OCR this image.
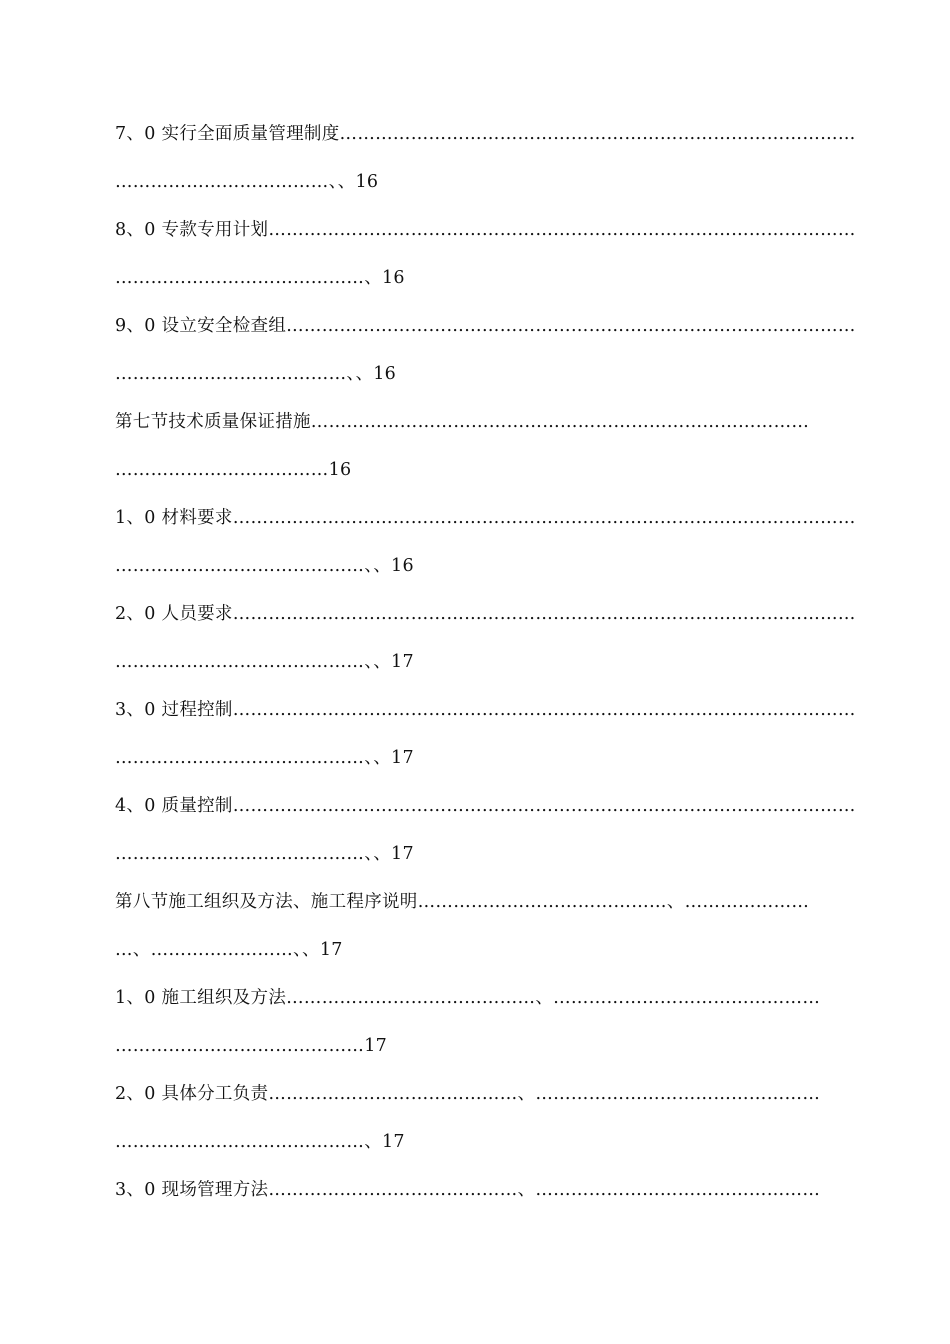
7、0 实行全面质量管理制度……………………………………………………………………………
………………………………、、16
8、0 专款专用计划………………………………………………………………………………………
……………………………………、16
9、0 设立安全检查组……………………………………………………………………………………
…………………………………、、16
第七节技术质量保证措施…………………………………………………………………………
………………………………16
1、0 材料要求……………………………………………………………………………………………
……………………………………、、16
2、0 人员要求……………………………………………………………………………………………
……………………………………、、17
3、0 过程控制……………………………………………………………………………………………
……………………………………、、17
4、0 质量控制……………………………………………………………………………………………
……………………………………、、17
第八节施工组织及方法、施工程序说明……………………………………、…………………
…、……………………、、17
1、0 施工组织及方法……………………………………、………………………………………
……………………………………17
2、0 具体分工负责……………………………………、…………………………………………
……………………………………、17
3、0 现场管理方法……………………………………、…………………………………………
